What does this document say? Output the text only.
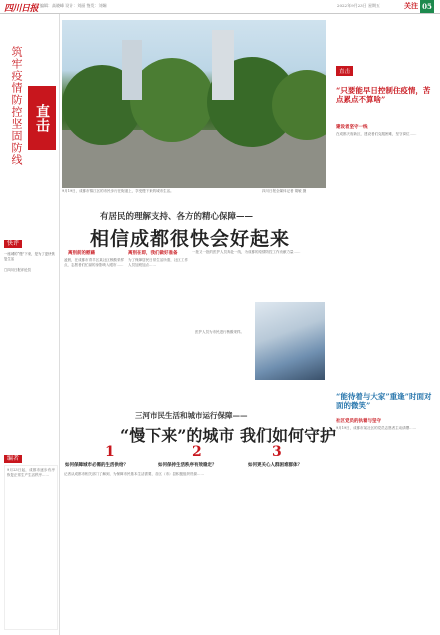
四川日报 编辑：高晓峰 设计：刘丽 签发：刘娴	2022年9月23日 星期五	关注 05
筑牢疫情防控坚固防线 直击
快评
一座城的“慢”下来，是为了更快恢复生活
□四川日报评论员
编者
9月23日起，成都市逐步有序恢复正常生产生活秩序……
9月19日，成都市锦江区的市民步行在街道上，享受慢下来的城市生活。	四川日报全媒体记者 胡敏 摄
有居民的理解支持、各方的精心保障——
相信成都很快会好起来
离别前的慰藉
凌晨，在成都市青羊区某社区核酸采样点，志愿者们忙碌的身影映入眼帘……
离别在即，我们做好准备
为了保障居民日常生活所需，社区工作人员加班加点……
一批又一批的医护人员奔赴一线，为成都的疫情防控工作贡献力量……
医护人员为市民进行核酸采样。
三河市民生活和城市运行保障——
“慢下来”的城市 我们如何守护
1
如何保障城市必需的生活供给？
2
如何保持生活秩序有效稳定？
3
如何更关心人群困难群体？
记者从成都市相关部门了解到，为保障市民基本生活需要，各区（市）县积极组织货源……
直击
“只要能早日控制住疫情，苦点累点不算啥”
建设者坚守一线
在成都天府新区，建设者们克服困难，坚守岗位……
“能待着与大家”重逢”时面对面的微笑”
社区党员的执着与坚守
9月19日，成都市某社区的党员志愿者主动请缨……
